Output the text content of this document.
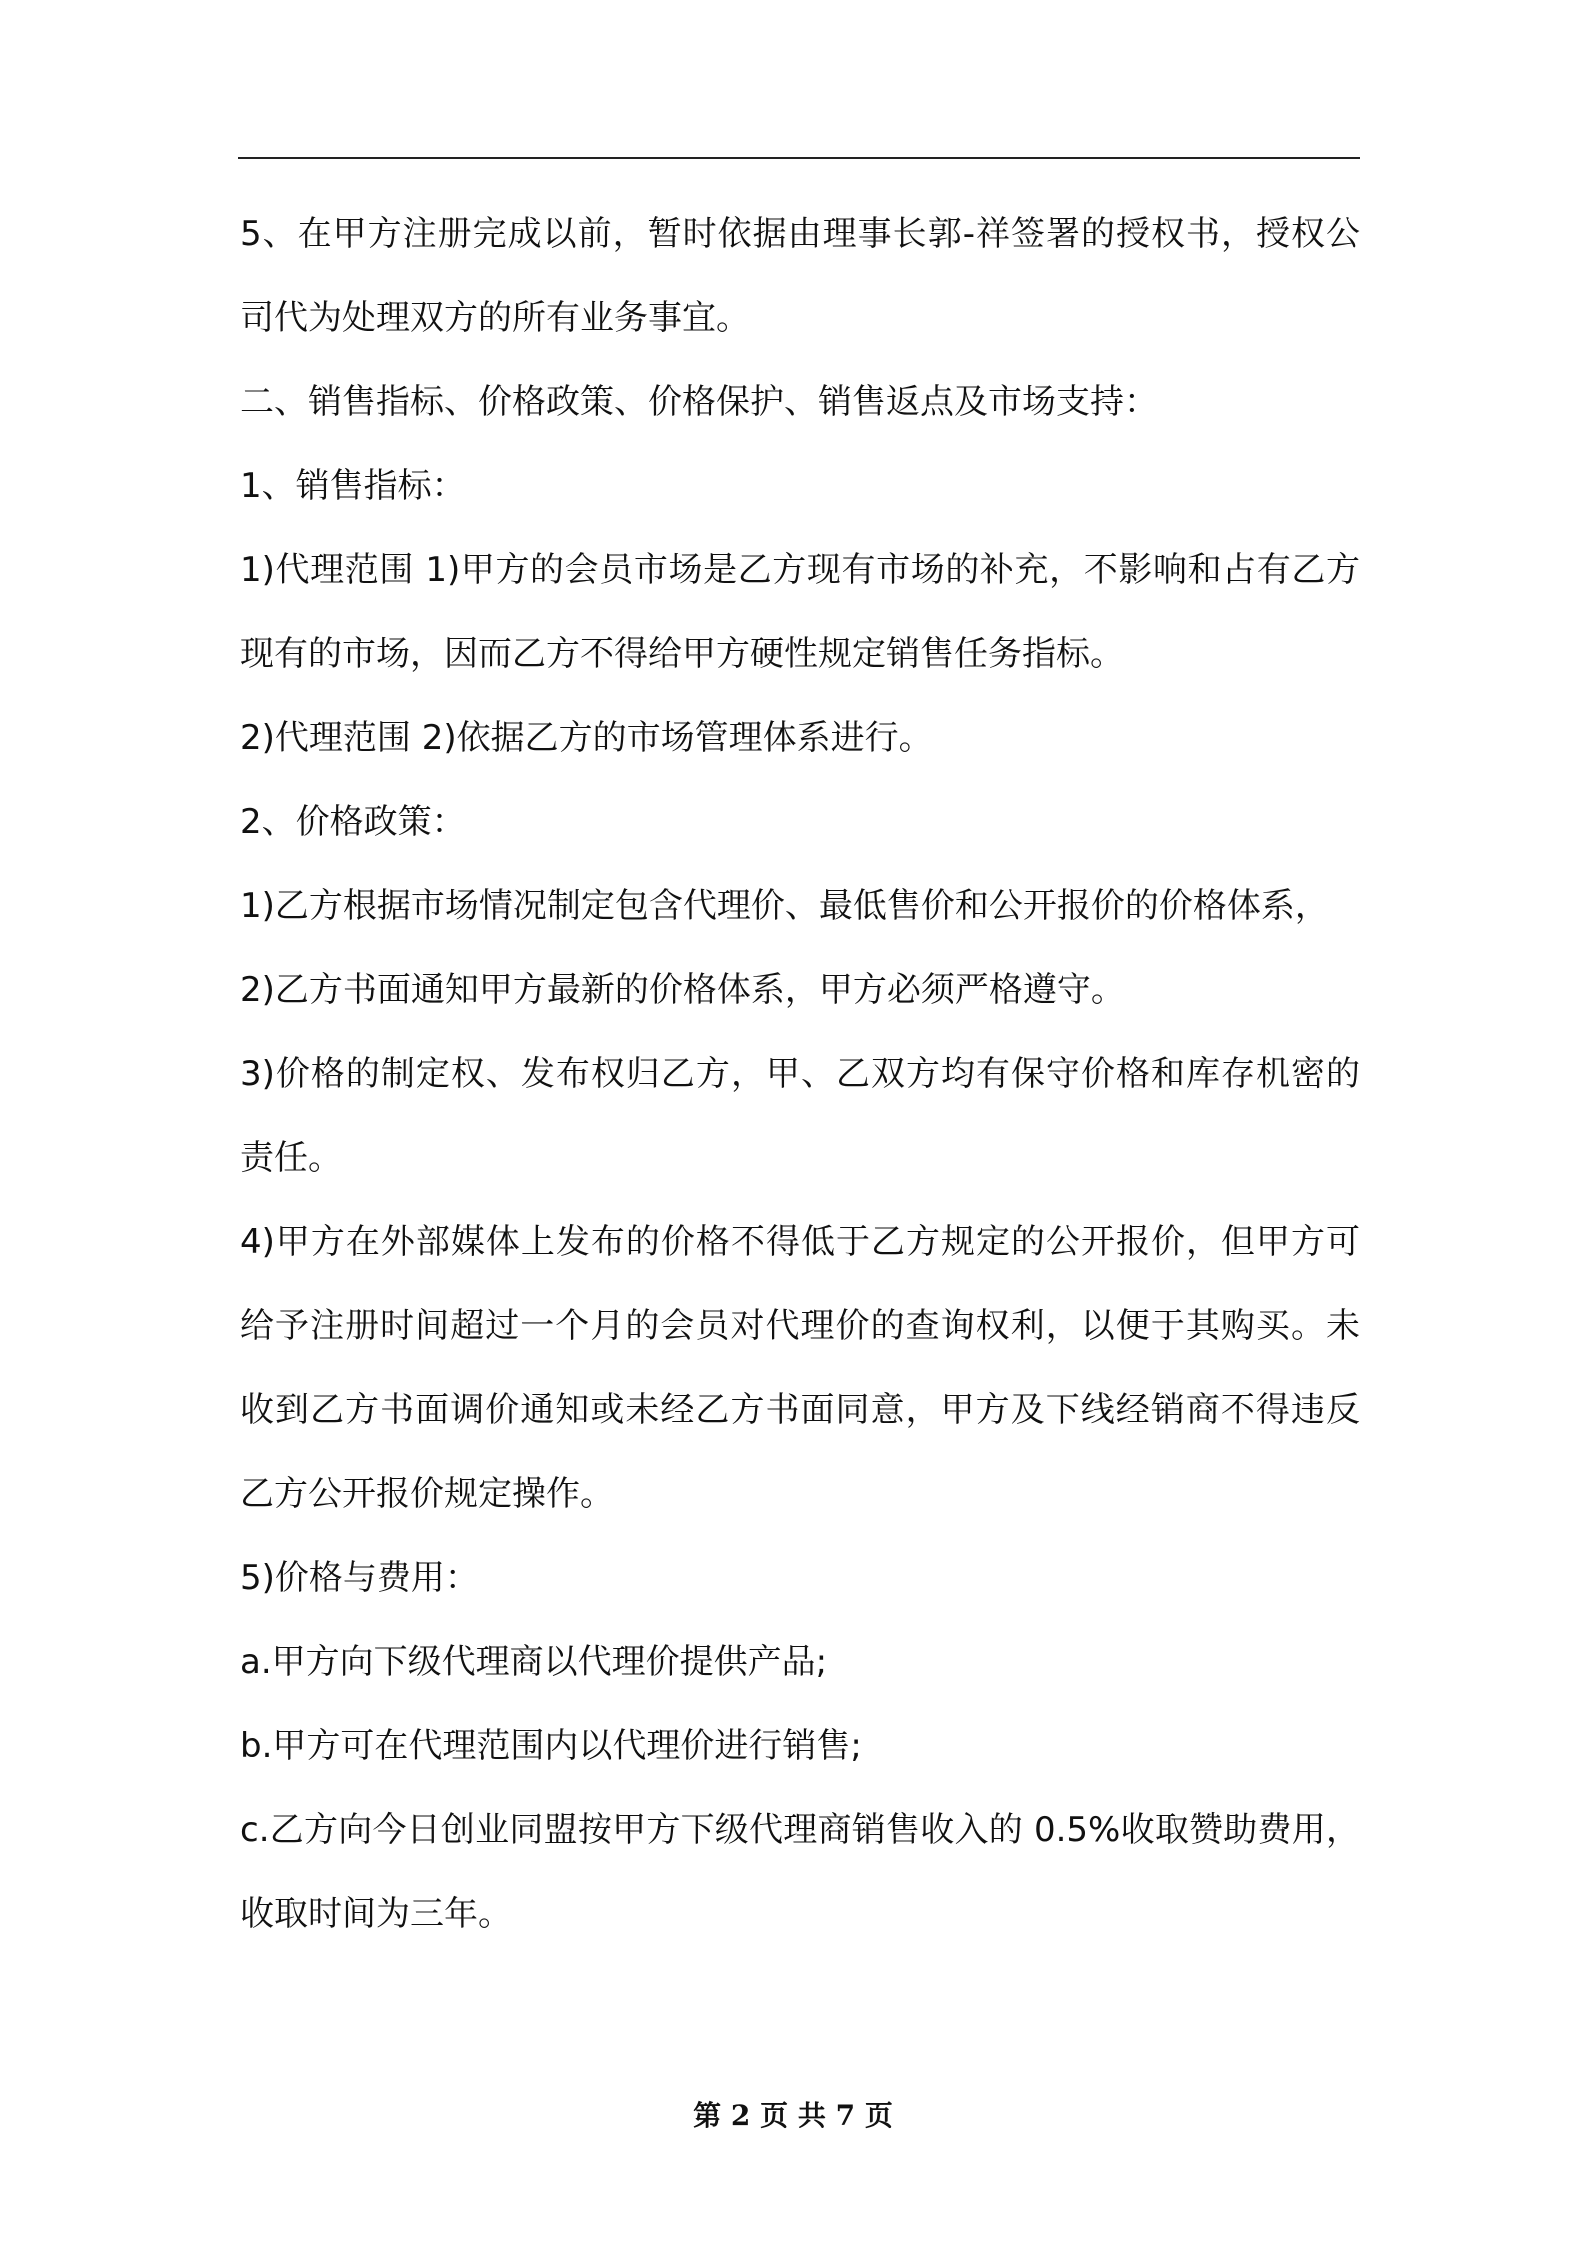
5、在甲方注册完成以前，暂时依据由理事长郭-祥签署的授权书，授权公司代为处理双方的所有业务事宜。

二、销售指标、价格政策、价格保护、销售返点及市场支持：

1、销售指标：

1)代理范围 1)甲方的会员市场是乙方现有市场的补充，不影响和占有乙方现有的市场，因而乙方不得给甲方硬性规定销售任务指标。

2)代理范围 2)依据乙方的市场管理体系进行。

2、价格政策：

1)乙方根据市场情况制定包含代理价、最低售价和公开报价的价格体系，

2)乙方书面通知甲方最新的价格体系，甲方必须严格遵守。

3)价格的制定权、发布权归乙方，甲、乙双方均有保守价格和库存机密的责任。

4)甲方在外部媒体上发布的价格不得低于乙方规定的公开报价，但甲方可给予注册时间超过一个月的会员对代理价的查询权利，以便于其购买。未收到乙方书面调价通知或未经乙方书面同意，甲方及下线经销商不得违反乙方公开报价规定操作。

5)价格与费用：

a.甲方向下级代理商以代理价提供产品;

b.甲方可在代理范围内以代理价进行销售;

c.乙方向今日创业同盟按甲方下级代理商销售收入的 0.5%收取赞助费用，收取时间为三年。

第 2 页 共 7 页
